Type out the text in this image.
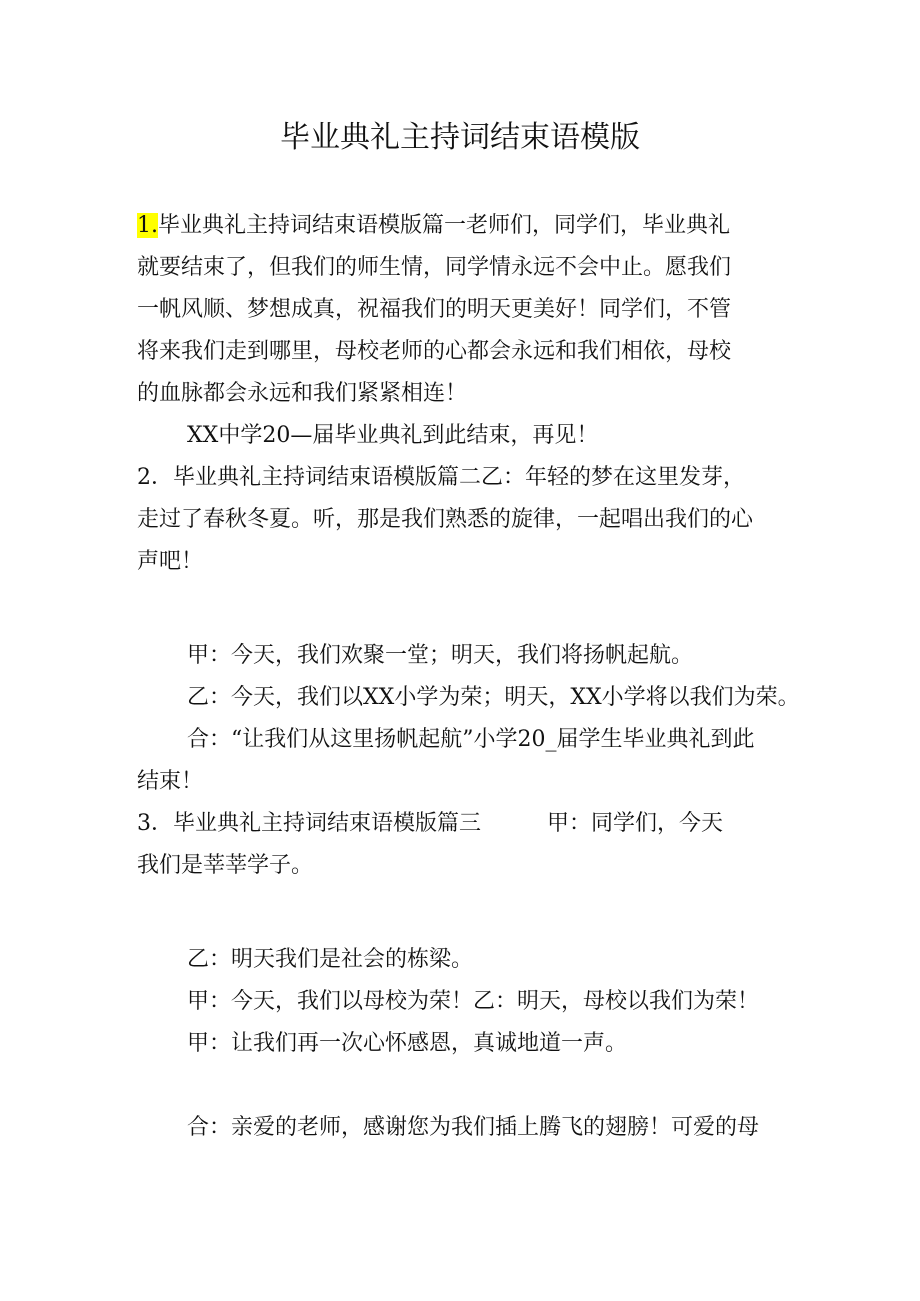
毕业典礼主持词结束语模版
1.毕业典礼主持词结束语模版篇一老师们，同学们，毕业典礼
就要结束了，但我们的师生情，同学情永远不会中止。愿我们
一帆风顺、梦想成真，祝福我们的明天更美好！同学们，不管
将来我们走到哪里，母校老师的心都会永远和我们相依，母校
的血脉都会永远和我们紧紧相连！
XX中学20—届毕业典礼到此结束，再见！
2．毕业典礼主持词结束语模版篇二乙：年轻的梦在这里发芽，
走过了春秋冬夏。听，那是我们熟悉的旋律，一起唱出我们的心
声吧！
甲：今天，我们欢聚一堂；明天，我们将扬帆起航。
乙：今天，我们以XX小学为荣；明天，XX小学将以我们为荣。
合：“让我们从这里扬帆起航”小学20_届学生毕业典礼到此
结束！
3．毕业典礼主持词结束语模版篇三	甲：同学们，今天
我们是莘莘学子。
乙：明天我们是社会的栋梁。
甲：今天，我们以母校为荣！乙：明天，母校以我们为荣！
甲：让我们再一次心怀感恩，真诚地道一声。
合：亲爱的老师，感谢您为我们插上腾飞的翅膀！可爱的母
